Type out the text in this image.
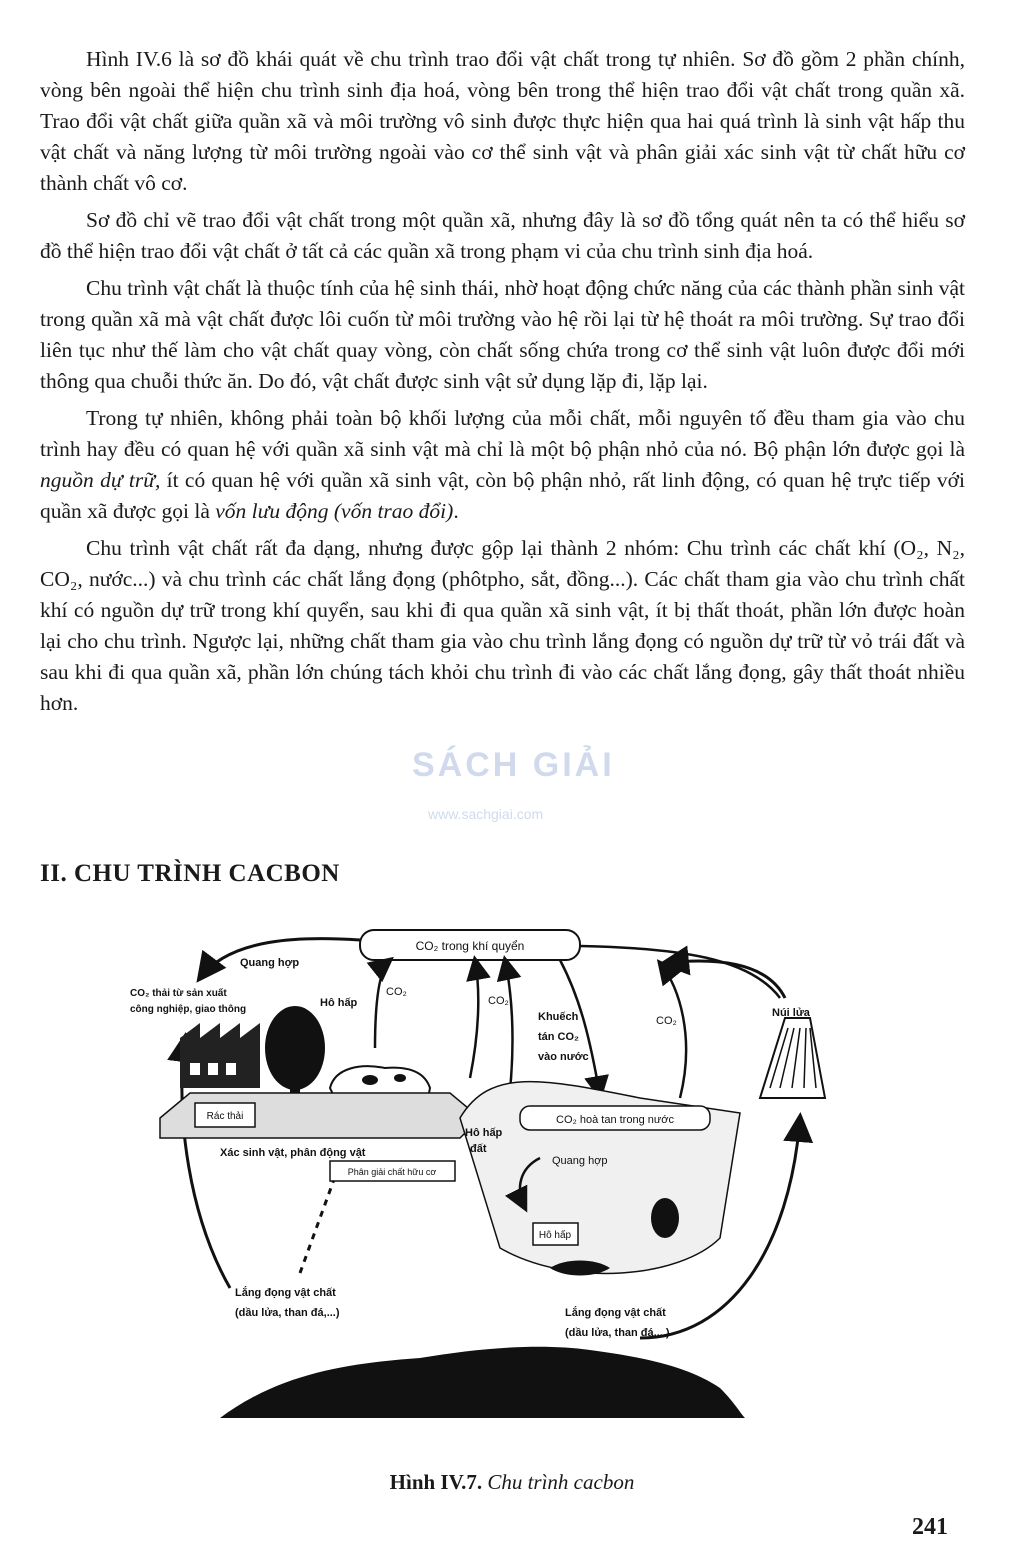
Hình IV.6 là sơ đồ khái quát về chu trình trao đổi vật chất trong tự nhiên. Sơ đồ gồm 2 phần chính, vòng bên ngoài thể hiện chu trình sinh địa hoá, vòng bên trong thể hiện trao đổi vật chất trong quần xã. Trao đổi vật chất giữa quần xã và môi trường vô sinh được thực hiện qua hai quá trình là sinh vật hấp thu vật chất và năng lượng từ môi trường ngoài vào cơ thể sinh vật và phân giải xác sinh vật từ chất hữu cơ thành chất vô cơ.

Sơ đồ chỉ vẽ trao đổi vật chất trong một quần xã, nhưng đây là sơ đồ tổng quát nên ta có thể hiểu sơ đồ thể hiện trao đổi vật chất ở tất cả các quần xã trong phạm vi của chu trình sinh địa hoá.

Chu trình vật chất là thuộc tính của hệ sinh thái, nhờ hoạt động chức năng của các thành phần sinh vật trong quần xã mà vật chất được lôi cuốn từ môi trường vào hệ rồi lại từ hệ thoát ra môi trường. Sự trao đổi liên tục như thế làm cho vật chất quay vòng, còn chất sống chứa trong cơ thể sinh vật luôn được đổi mới thông qua chuỗi thức ăn. Do đó, vật chất được sinh vật sử dụng lặp đi, lặp lại.

Trong tự nhiên, không phải toàn bộ khối lượng của mỗi chất, mỗi nguyên tố đều tham gia vào chu trình hay đều có quan hệ với quần xã sinh vật mà chỉ là một bộ phận nhỏ của nó. Bộ phận lớn được gọi là nguồn dự trữ, ít có quan hệ với quần xã sinh vật, còn bộ phận nhỏ, rất linh động, có quan hệ trực tiếp với quần xã được gọi là vốn lưu động (vốn trao đổi).

Chu trình vật chất rất đa dạng, nhưng được gộp lại thành 2 nhóm: Chu trình các chất khí (O₂, N₂, CO₂, nước...) và chu trình các chất lắng đọng (phôtpho, sắt, đồng...). Các chất tham gia vào chu trình chất khí có nguồn dự trữ trong khí quyển, sau khi đi qua quần xã sinh vật, ít bị thất thoát, phần lớn được hoàn lại cho chu trình. Ngược lại, những chất tham gia vào chu trình lắng đọng có nguồn dự trữ từ vỏ trái đất và sau khi đi qua quần xã, phần lớn chúng tách khỏi chu trình đi vào các chất lắng đọng, gây thất thoát nhiều hơn.

SÁCH GIẢI
www.sachgiai.com
II. CHU TRÌNH CACBON
CO₂ trong khí quyển
Rác thải
Phân giải chất hữu cơ
CO₂ hoà tan trong nước
Hô hấp
Quang hợp
CO₂ thải từ sản xuất
công nghiệp, giao thông
Hô hấp
CO₂
CO₂
CO₂
Khuếch
tán CO₂
vào nước
Núi lửa
Xác sinh vật, phân động vật
Hô hấp
đất
Quang hợp
Lắng đọng vật chất
(dầu lửa, than đá,...)	Lắng đọng vật chất
(dầu lửa, than đá,...)
Hình IV.7. Chu trình cacbon
241
